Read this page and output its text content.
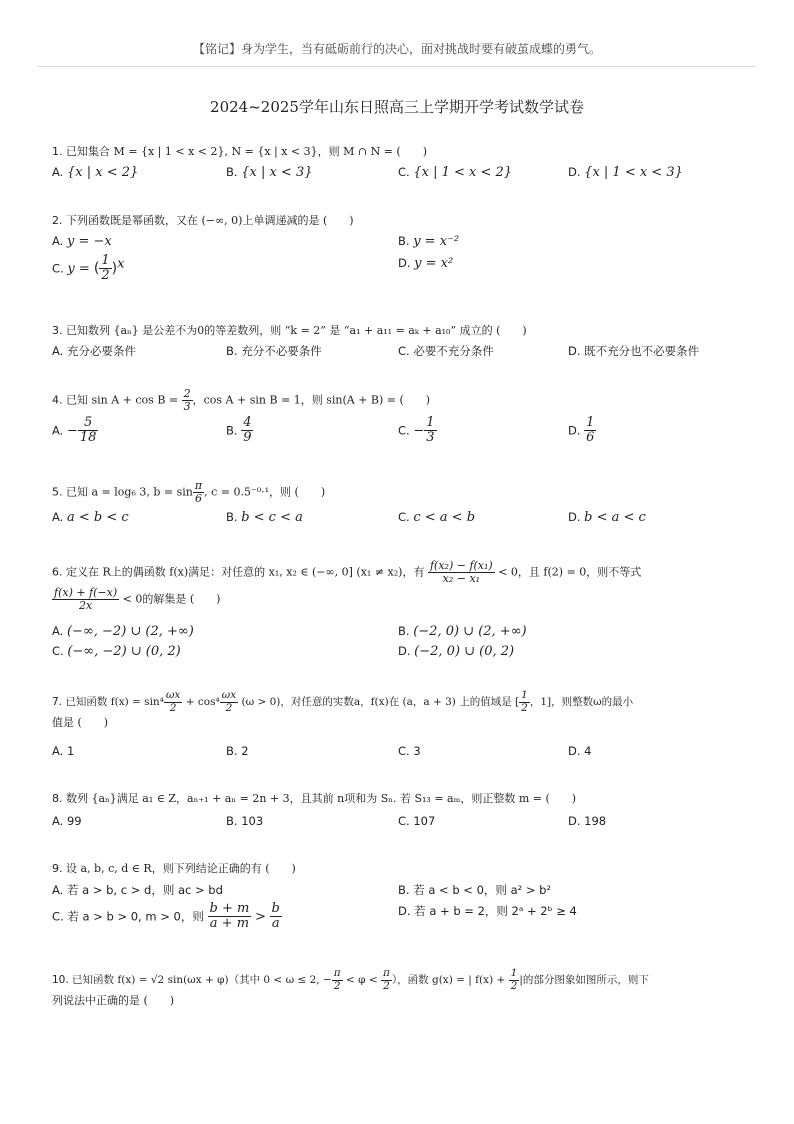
【铭记】身为学生，当有砥砺前行的决心，面对挑战时要有破茧成蝶的勇气。
2024~2025学年山东日照高三上学期开学考试数学试卷
1. 已知集合 M = {x | 1 < x < 2}, N = {x | x < 3}，则 M ∩ N = (　　)
A. {x | x < 2}	B. {x | x < 3}	C. {x | 1 < x < 2}	D. {x | 1 < x < 3}
2. 下列函数既是幂函数，又在 (−∞, 0)上单调递减的是 (　　)
A. y = −x	B. y = x⁻²
C. y = ( $\frac{1}{2} )^x$	D. y = x²
3. 已知数列 {aₙ} 是公差不为0的等差数列，则 “k = 2” 是 “a₁ + a₁₁ = aₖ + a₁₀” 成立的 (　　)
A. 充分必要条件	B. 充分不必要条件	C. 必要不充分条件	D. 既不充分也不必要条件
4. 已知 $\sin A + \cos B = \frac{2}{3}$ ，cos A + sin B = 1，则 sin(A + B) = (　　)
A. − $\frac{5}{18}$	B. $\frac{4}{9}$	C. − $\frac{1}{3}$	D. $\frac{1}{6}$
5. 已知 a = log₆ 3, $b = \sin \frac{\pi}{6}$ , c = 0.5⁻⁰·¹，则 (　　)
A. a < b < c	B. b < c < a	C. c < a < b	D. b < a < c
6. 定义在 R上的偶函数 f(x)满足：对任意的 x₁, x₂ ∈ (−∞, 0] (x₁ ≠ x₂)，有 $\frac{\text{f(x₂) − f(x₁)}}{\text{x₂ − x₁}} < 0$，且 f(2) = 0，则不等式
$\frac{f(x) + f(-x)}{2x} < 0$的解集是 (　　)
A. (−∞, −2) ∪ (2, +∞)	B. (−2, 0) ∪ (2, +∞)
C. (−∞, −2) ∪ (0, 2)	D. (−2, 0) ∪ (0, 2)
7. 已知函数 $f(x) = \sin^4 \frac{\omega x}{2} + \cos^4 \frac{\omega x}{2} (\omega > 0)$，对任意的实数a，f(x)在 (a，a + 3) 上的值域是 [ $\frac{1}{2}$ ，1]，则整数ω的最小
值是 (　　)
A. 1	B. 2	C. 3	D. 4
8. 数列 {aₙ}满足 a₁ ∈ Z，aₙ₊₁ + aₙ = 2n + 3，且其前 n项和为 Sₙ. 若 S₁₃ = aₘ，则正整数 m = (　　)
A. 99	B. 103	C. 107	D. 198
9. 设 a, b, c, d ∈ R，则下列结论正确的有 (　　)
A. 若 a > b, c > d，则 ac > bd	B. 若 a < b < 0，则 a² > b²
C. 若 a > b > 0, m > 0，则 $\frac{b + m}{a + m} > \frac{b}{a}$	D. 若 a + b = 2，则 2ᵃ + 2ᵇ ≥ 4
10. 已知函数 f(x) = √2 sin(ωx + φ)（其中 0 < ω ≤ 2, − $\frac{\pi}{2} < \varphi < \frac{\pi}{2}$ ），函数 g(x) = | $f(x) + \frac{1}{2}$ |的部分图象如图所示，则下
列说法中正确的是 (　　)
